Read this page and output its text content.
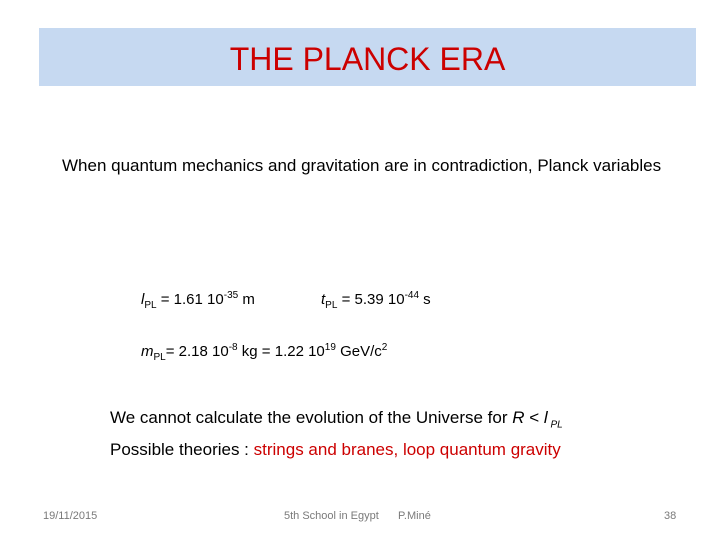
THE PLANCK ERA
When quantum mechanics and gravitation are in contradiction, Planck variables
$l_{PL} = 1.61$ $10^{-35}$ m	$t_{PL} = 5.39$ $10^{-44}$ s
$m_{PL}= 2.18$ $10^{-8}$ kg = 1.22 $10^{19}$ GeV/$c^2$
We cannot calculate the evolution of the Universe for R < l $_{PL}$
Possible theories : strings and branes, loop quantum gravity
19/11/2015	5th School in Egypt P.Miné	38
